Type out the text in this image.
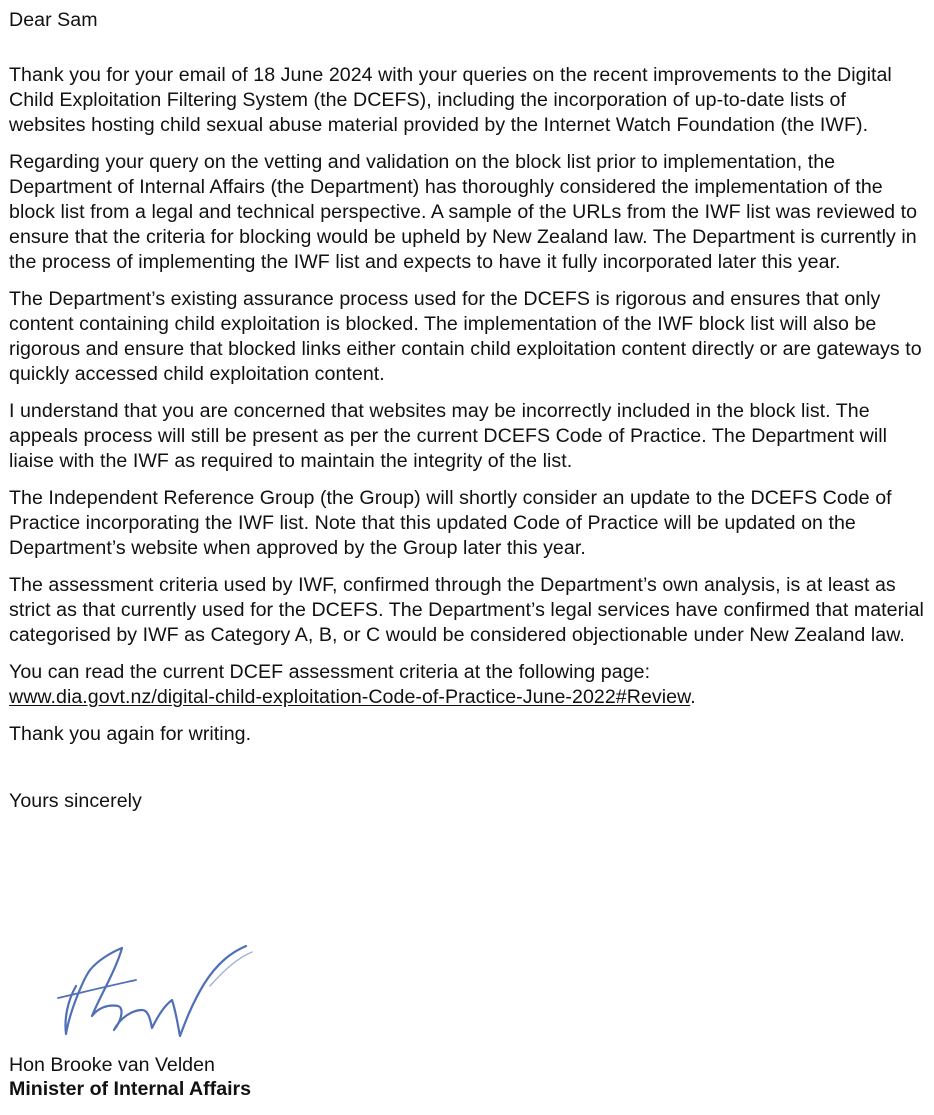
Dear Sam

Thank you for your email of 18 June 2024 with your queries on the recent improvements to the Digital Child Exploitation Filtering System (the DCEFS), including the incorporation of up-to-date lists of websites hosting child sexual abuse material provided by the Internet Watch Foundation (the IWF).

Regarding your query on the vetting and validation on the block list prior to implementation, the Department of Internal Affairs (the Department) has thoroughly considered the implementation of the block list from a legal and technical perspective. A sample of the URLs from the IWF list was reviewed to ensure that the criteria for blocking would be upheld by New Zealand law. The Department is currently in the process of implementing the IWF list and expects to have it fully incorporated later this year.

The Department’s existing assurance process used for the DCEFS is rigorous and ensures that only content containing child exploitation is blocked. The implementation of the IWF block list will also be rigorous and ensure that blocked links either contain child exploitation content directly or are gateways to quickly accessed child exploitation content.

I understand that you are concerned that websites may be incorrectly included in the block list. The appeals process will still be present as per the current DCEFS Code of Practice. The Department will liaise with the IWF as required to maintain the integrity of the list.

The Independent Reference Group (the Group) will shortly consider an update to the DCEFS Code of Practice incorporating the IWF list. Note that this updated Code of Practice will be updated on the Department’s website when approved by the Group later this year.

The assessment criteria used by IWF, confirmed through the Department’s own analysis, is at least as strict as that currently used for the DCEFS. The Department’s legal services have confirmed that material categorised by IWF as Category A, B, or C would be considered objectionable under New Zealand law.

You can read the current DCEF assessment criteria at the following page:
www.dia.govt.nz/digital-child-exploitation-Code-of-Practice-June-2022#Review.

Thank you again for writing.

Yours sincerely

Hon Brooke van Velden
Minister of Internal Affairs
